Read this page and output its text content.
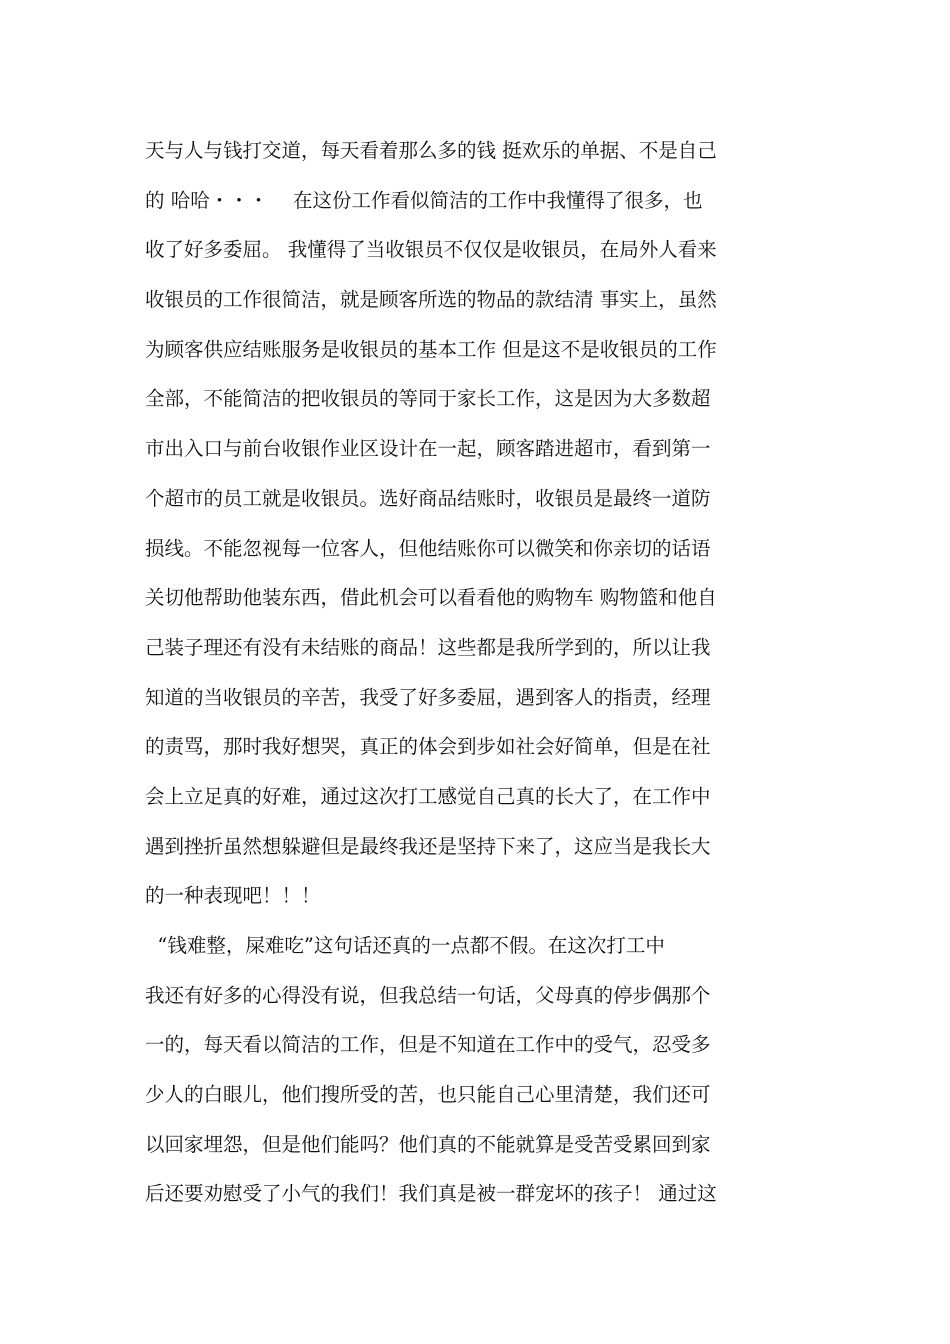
天与人与钱打交道，每天看着那么多的钱 挺欢乐的单据、不是自己
的 哈哈・・・    在这份工作看似简洁的工作中我懂得了很多，也
收了好多委屈。 我懂得了当收银员不仅仅是收银员，在局外人看来
收银员的工作很简洁，就是顾客所选的物品的款结清 事实上，虽然
为顾客供应结账服务是收银员的基本工作 但是这不是收银员的工作
全部，不能简洁的把收银员的等同于家长工作，这是因为大多数超
市出入口与前台收银作业区设计在一起，顾客踏进超市，看到第一
个超市的员工就是收银员。选好商品结账时，收银员是最终一道防
损线。不能忽视每一位客人，但他结账你可以微笑和你亲切的话语
关切他帮助他装东西，借此机会可以看看他的购物车 购物篮和他自
己装子理还有没有未结账的商品！这些都是我所学到的，所以让我
知道的当收银员的辛苦，我受了好多委屈，遇到客人的指责，经理
的责骂，那时我好想哭，真正的体会到步如社会好简单，但是在社
会上立足真的好难，通过这次打工感觉自己真的长大了，在工作中
遇到挫折虽然想躲避但是最终我还是坚持下来了，这应当是我长大
的一种表现吧！！！
“钱难整，屎难吃”这句话还真的一点都不假。在这次打工中
我还有好多的心得没有说，但我总结一句话，父母真的停步偶那个
一的，每天看以简洁的工作，但是不知道在工作中的受气，忍受多
少人的白眼儿，他们搜所受的苦，也只能自己心里清楚，我们还可
以回家埋怨，但是他们能吗？他们真的不能就算是受苦受累回到家
后还要劝慰受了小气的我们！我们真是被一群宠坏的孩子！ 通过这
